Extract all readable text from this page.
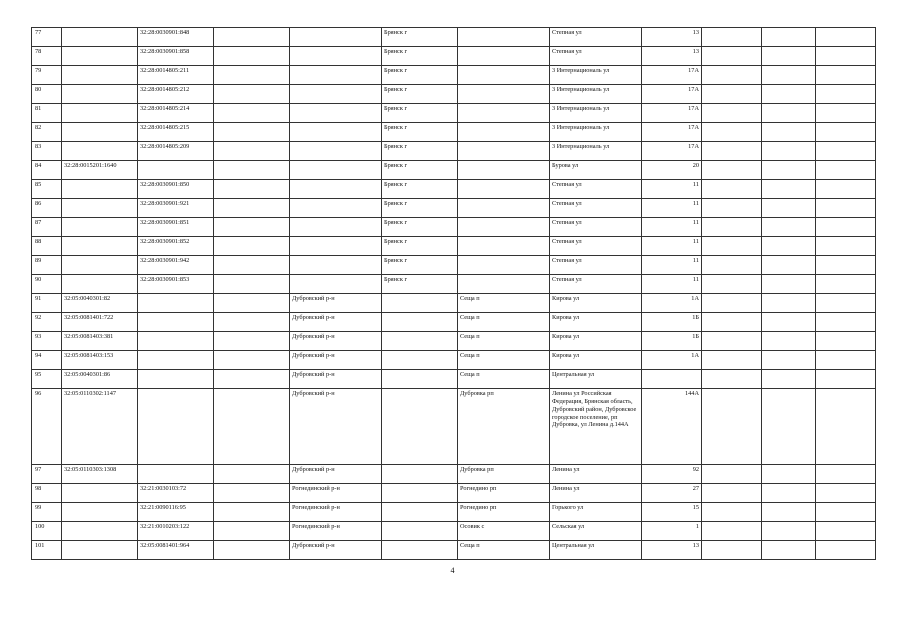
77		32:28:0030901:848			Брянск г		Степная ул	13			
78		32:28:0030901:858			Брянск г		Степная ул	13			
79		32:28:0014805:211			Брянск г		3 Интернациональ ул	17А			
80		32:28:0014805:212			Брянск г		3 Интернациональ ул	17А			
81		32:28:0014805:214			Брянск г		3 Интернациональ ул	17А			
82		32:28:0014805:215			Брянск г		3 Интернациональ ул	17А			
83		32:28:0014805:209			Брянск г		3 Интернациональ ул	17А			
84	32:28:0015201:1640				Брянск г		Бурова ул	20			
85		32:28:0030901:850			Брянск г		Степная ул	11			
86		32:28:0030901:921			Брянск г		Степная ул	11			
87		32:28:0030901:851			Брянск г		Степная ул	11			
88		32:28:0030901:852			Брянск г		Степная ул	11			
89		32:28:0030901:942			Брянск г		Степная ул	11			
90		32:28:0030901:853			Брянск г		Степная ул	11			
91	32:05:0040301:82			Дубровский р-н		Сеща п	Кирова ул	1А			
92	32:05:0081401:722			Дубровский р-н		Сеща п	Кирова ул	1Б			
93	32:05:0081403:381			Дубровский р-н		Сеща п	Кирова ул	1Б			
94	32:05:0081403:153			Дубровский р-н		Сеща п	Кирова ул	1А			
95	32:05:0040301:86			Дубровский р-н		Сеща п	Центральная ул				
96	32:05:0110302:1147			Дубровский р-н		Дубровка рп	Ленина ул Российская Федерация, Брянская область, Дубровский район, Дубровское городское поселение, рп Дубровка, ул Ленина д.144А	144А			
97	32:05:0110303:1308			Дубровский р-н		Дубровка рп	Ленина ул	92			
98		32:21:0030103:72		Рогнединский р-н		Рогнедино рп	Ленина ул	27			
99		32:21:0090116:95		Рогнединский р-н		Рогнедино рп	Горького ул	15			
100		32:21:0010203:122		Рогнединский р-н		Осовик с	Сельская ул	1			
101		32:05:0081401:964		Дубровский р-н		Сеща п	Центральная ул	13			
4
